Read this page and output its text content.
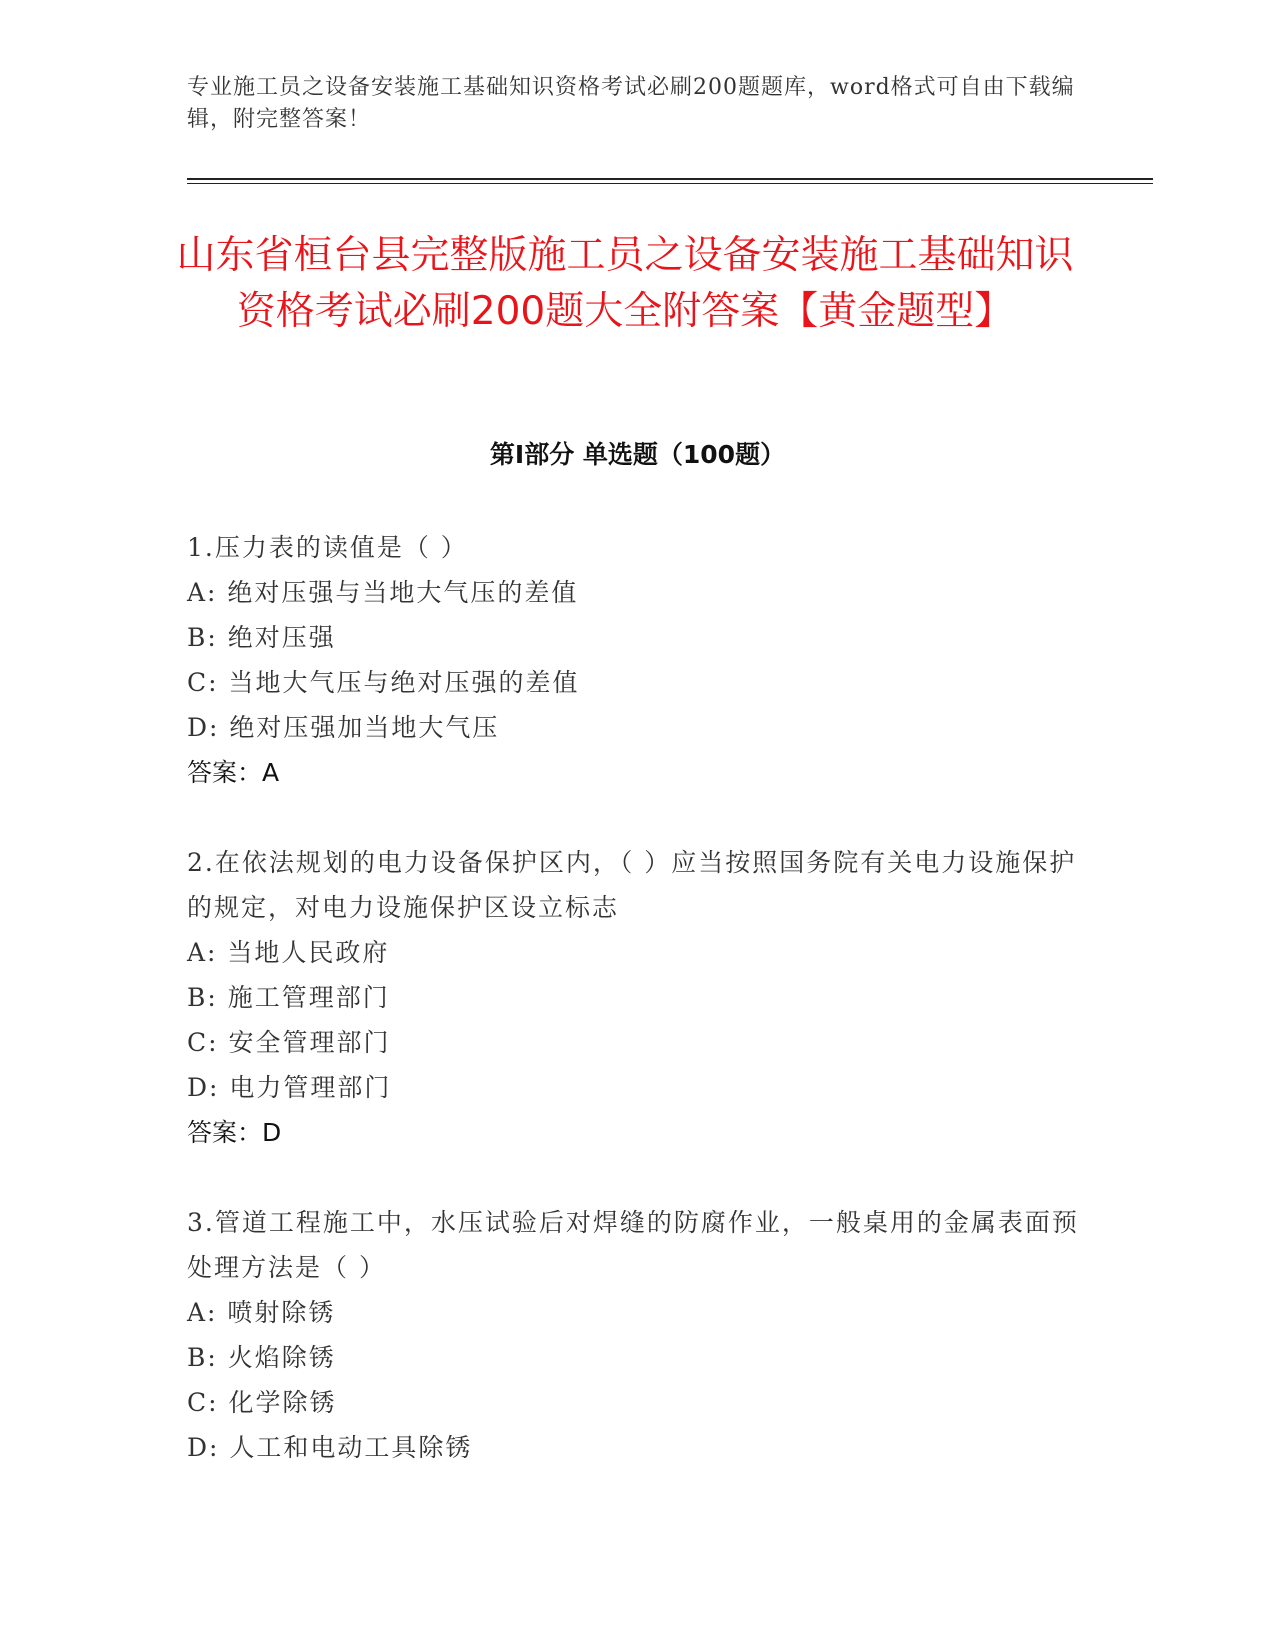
专业施工员之设备安装施工基础知识资格考试必刷200题题库，word格式可自由下载编辑，附完整答案！
山东省桓台县完整版施工员之设备安装施工基础知识资格考试必刷200题大全附答案【黄金题型】
第Ⅰ部分 单选题（100题）
1.压力表的读值是（ ）
A: 绝对压强与当地大气压的差值
B: 绝对压强
C: 当地大气压与绝对压强的差值
D: 绝对压强加当地大气压
答案：A
2.在依法规划的电力设备保护区内，（ ）应当按照国务院有关电力设施保护的规定，对电力设施保护区设立标志
A: 当地人民政府
B: 施工管理部门
C: 安全管理部门
D: 电力管理部门
答案：D
3.管道工程施工中，水压试验后对焊缝的防腐作业，一般桌用的金属表面预处理方法是（ ）
A: 喷射除锈
B: 火焰除锈
C: 化学除锈
D: 人工和电动工具除锈
